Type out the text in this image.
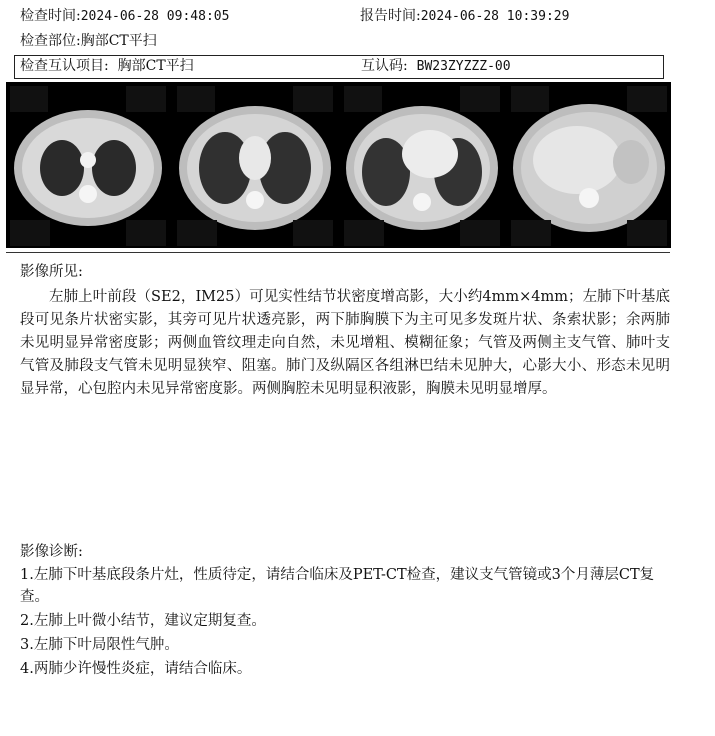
检查时间:2024-06-28 09:48:05	报告时间:2024-06-28 10:39:29
检查部位:胸部CT平扫
检查互认项目: 胸部CT平扫	互认码: BW23ZYZZZ-00
影像所见:
左肺上叶前段（SE2，IM25）可见实性结节状密度增高影，大小约4mm×4mm；左肺下叶基底段可见条片状密实影，其旁可见片状透亮影，两下肺胸膜下为主可见多发斑片状、条索状影；余两肺未见明显异常密度影；两侧血管纹理走向自然，未见增粗、模糊征象；气管及两侧主支气管、肺叶支气管及肺段支气管未见明显狭窄、阻塞。肺门及纵隔区各组淋巴结未见肿大，心影大小、形态未见明显异常，心包腔内未见异常密度影。两侧胸腔未见明显积液影，胸膜未见明显增厚。
影像诊断:
1.左肺下叶基底段条片灶，性质待定，请结合临床及PET-CT检查，建议支气管镜或3个月薄层CT复查。
2.左肺上叶微小结节，建议定期复查。
3.左肺下叶局限性气肿。
4.两肺少许慢性炎症，请结合临床。
